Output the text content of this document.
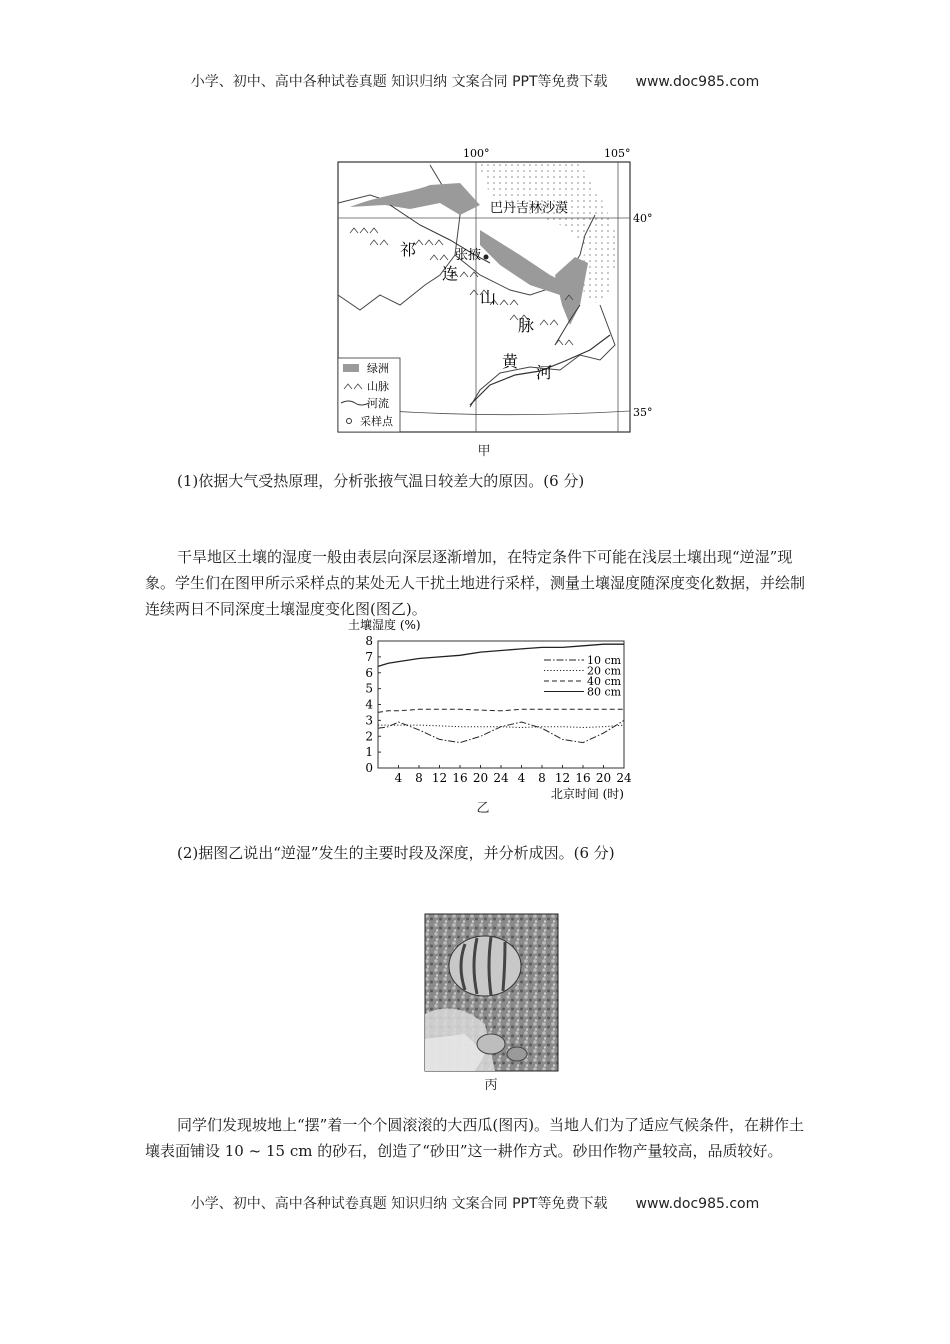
小学、初中、高中各种试卷真题 知识归纳 文案合同 PPT等免费下载 www.doc985.com
100°	105°
40°
35°
巴丹吉林沙漠
张掖
祁
连
山
脉
黄
河
绿洲
山脉
河流
采样点
甲
(1)依据大气受热原理，分析张掖气温日较差大的原因。(6 分)
干旱地区土壤的湿度一般由表层向深层逐渐增加，在特定条件下可能在浅层土壤出现“逆湿”现象。学生们在图甲所示采样点的某处无人干扰土地进行采样，测量土壤湿度随深度变化数据，并绘制连续两日不同深度土壤湿度变化图(图乙)。
土壤湿度 (%)
0
1
2
3
4
5
6
7
8
4 8 12 16 20 24 4 8 12 16 20 24
北京时间 (时)
10 cm
20 cm
40 cm
80 cm
乙
(2)据图乙说出“逆湿”发生的主要时段及深度，并分析成因。(6 分)
丙
同学们发现坡地上“摆”着一个个圆滚滚的大西瓜(图丙)。当地人们为了适应气候条件，在耕作土壤表面铺设 10 ~ 15 cm 的砂石，创造了“砂田”这一耕作方式。砂田作物产量较高，品质较好。
小学、初中、高中各种试卷真题 知识归纳 文案合同 PPT等免费下载 www.doc985.com
